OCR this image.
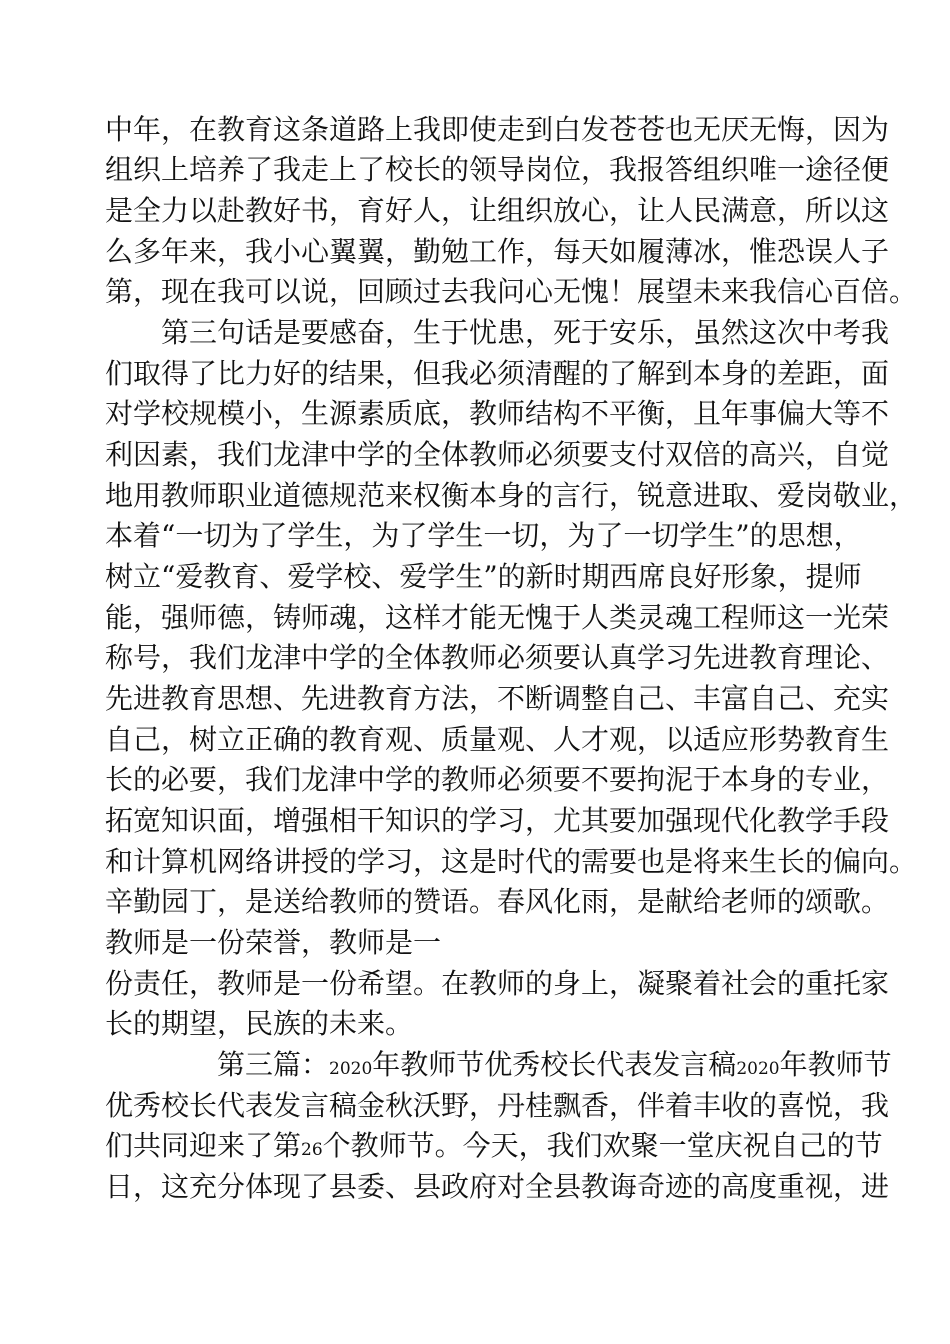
中年，在教育这条道路上我即使走到白发苍苍也无厌无悔，因为
组织上培养了我走上了校长的领导岗位，我报答组织唯一途径便
是全力以赴教好书，育好人，让组织放心，让人民满意，所以这
么多年来，我小心翼翼，勤勉工作，每天如履薄冰，惟恐误人子
第，现在我可以说，回顾过去我问心无愧！展望未来我信心百倍。
　　第三句话是要感奋，生于忧患，死于安乐，虽然这次中考我
们取得了比力好的结果，但我必须清醒的了解到本身的差距，面
对学校规模小，生源素质底，教师结构不平衡，且年事偏大等不
利因素，我们龙津中学的全体教师必须要支付双倍的高兴，自觉
地用教师职业道德规范来权衡本身的言行，锐意进取、爱岗敬业，
本着“一切为了学生，为了学生一切，为了一切学生”的思想，
树立“爱教育、爱学校、爱学生”的新时期西席良好形象，提师
能，强师德，铸师魂，这样才能无愧于人类灵魂工程师这一光荣
称号，我们龙津中学的全体教师必须要认真学习先进教育理论、
先进教育思想、先进教育方法，不断调整自己、丰富自己、充实
自己，树立正确的教育观、质量观、人才观，以适应形势教育生
长的必要，我们龙津中学的教师必须要不要拘泥于本身的专业，
拓宽知识面，增强相干知识的学习，尤其要加强现代化教学手段
和计算机网络讲授的学习，这是时代的需要也是将来生长的偏向。
辛勤园丁，是送给教师的赞语。春风化雨，是献给老师的颂歌。
教师是一份荣誉，教师是一
份责任，教师是一份希望。在教师的身上，凝聚着社会的重托家
长的期望，民族的未来。
　　　　第三篇：2020年教师节优秀校长代表发言稿2020年教师节
优秀校长代表发言稿金秋沃野，丹桂飘香，伴着丰收的喜悦，我
们共同迎来了第26个教师节。今天，我们欢聚一堂庆祝自己的节
日，这充分体现了县委、县政府对全县教诲奇迹的高度重视，进
